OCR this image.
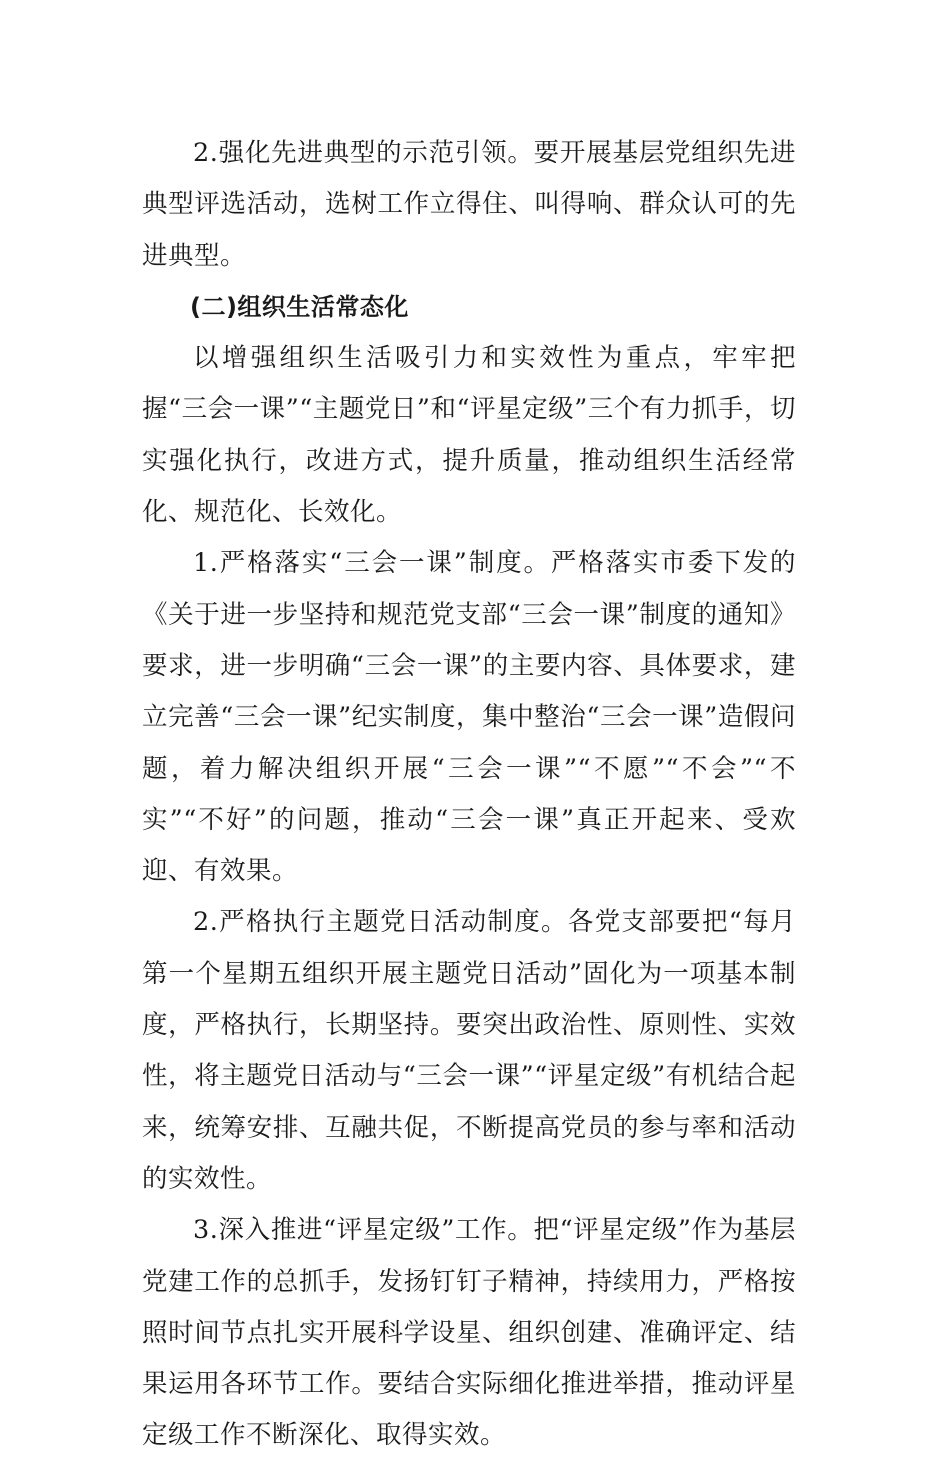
2.强化先进典型的示范引领。要开展基层党组织先进典型评选活动，选树工作立得住、叫得响、群众认可的先进典型。

(二)组织生活常态化

以增强组织生活吸引力和实效性为重点，牢牢把握“三会一课”“主题党日”和“评星定级”三个有力抓手，切实强化执行，改进方式，提升质量，推动组织生活经常化、规范化、长效化。

1.严格落实“三会一课”制度。严格落实市委下发的《关于进一步坚持和规范党支部“三会一课”制度的通知》要求，进一步明确“三会一课”的主要内容、具体要求，建立完善“三会一课”纪实制度，集中整治“三会一课”造假问题，着力解决组织开展“三会一课”“不愿”“不会”“不实”“不好”的问题，推动“三会一课”真正开起来、受欢迎、有效果。

2.严格执行主题党日活动制度。各党支部要把“每月第一个星期五组织开展主题党日活动”固化为一项基本制度，严格执行，长期坚持。要突出政治性、原则性、实效性，将主题党日活动与“三会一课”“评星定级”有机结合起来，统筹安排、互融共促，不断提高党员的参与率和活动的实效性。

3.深入推进“评星定级”工作。把“评星定级”作为基层党建工作的总抓手，发扬钉钉子精神，持续用力，严格按照时间节点扎实开展科学设星、组织创建、准确评定、结果运用各环节工作。要结合实际细化推进举措，推动评星定级工作不断深化、取得实效。
